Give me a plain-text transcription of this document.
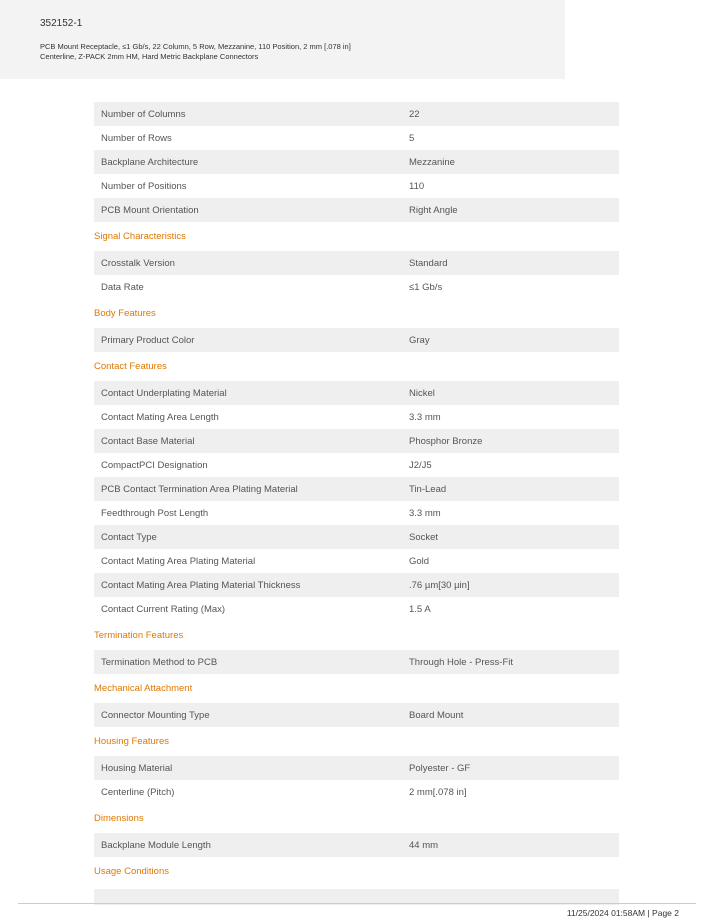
352152-1
PCB Mount Receptacle, ≤1 Gb/s, 22 Column, 5 Row, Mezzanine, 110 Position, 2 mm [.078 in] Centerline, Z-PACK 2mm HM, Hard Metric Backplane Connectors
Number of Columns	22
Number of Rows	5
Backplane Architecture	Mezzanine
Number of Positions	110
PCB Mount Orientation	Right Angle
Signal Characteristics
Crosstalk Version	Standard
Data Rate	≤1 Gb/s
Body Features
Primary Product Color	Gray
Contact Features
Contact Underplating Material	Nickel
Contact Mating Area Length	3.3 mm
Contact Base Material	Phosphor Bronze
CompactPCI Designation	J2/J5
PCB Contact Termination Area Plating Material	Tin-Lead
Feedthrough Post Length	3.3 mm
Contact Type	Socket
Contact Mating Area Plating Material	Gold
Contact Mating Area Plating Material Thickness	.76 µm[30 µin]
Contact Current Rating (Max)	1.5 A
Termination Features
Termination Method to PCB	Through Hole - Press-Fit
Mechanical Attachment
Connector Mounting Type	Board Mount
Housing Features
Housing Material	Polyester - GF
Centerline (Pitch)	2 mm[.078 in]
Dimensions
Backplane Module Length	44 mm
Usage Conditions
11/25/2024 01:58AM | Page 2
